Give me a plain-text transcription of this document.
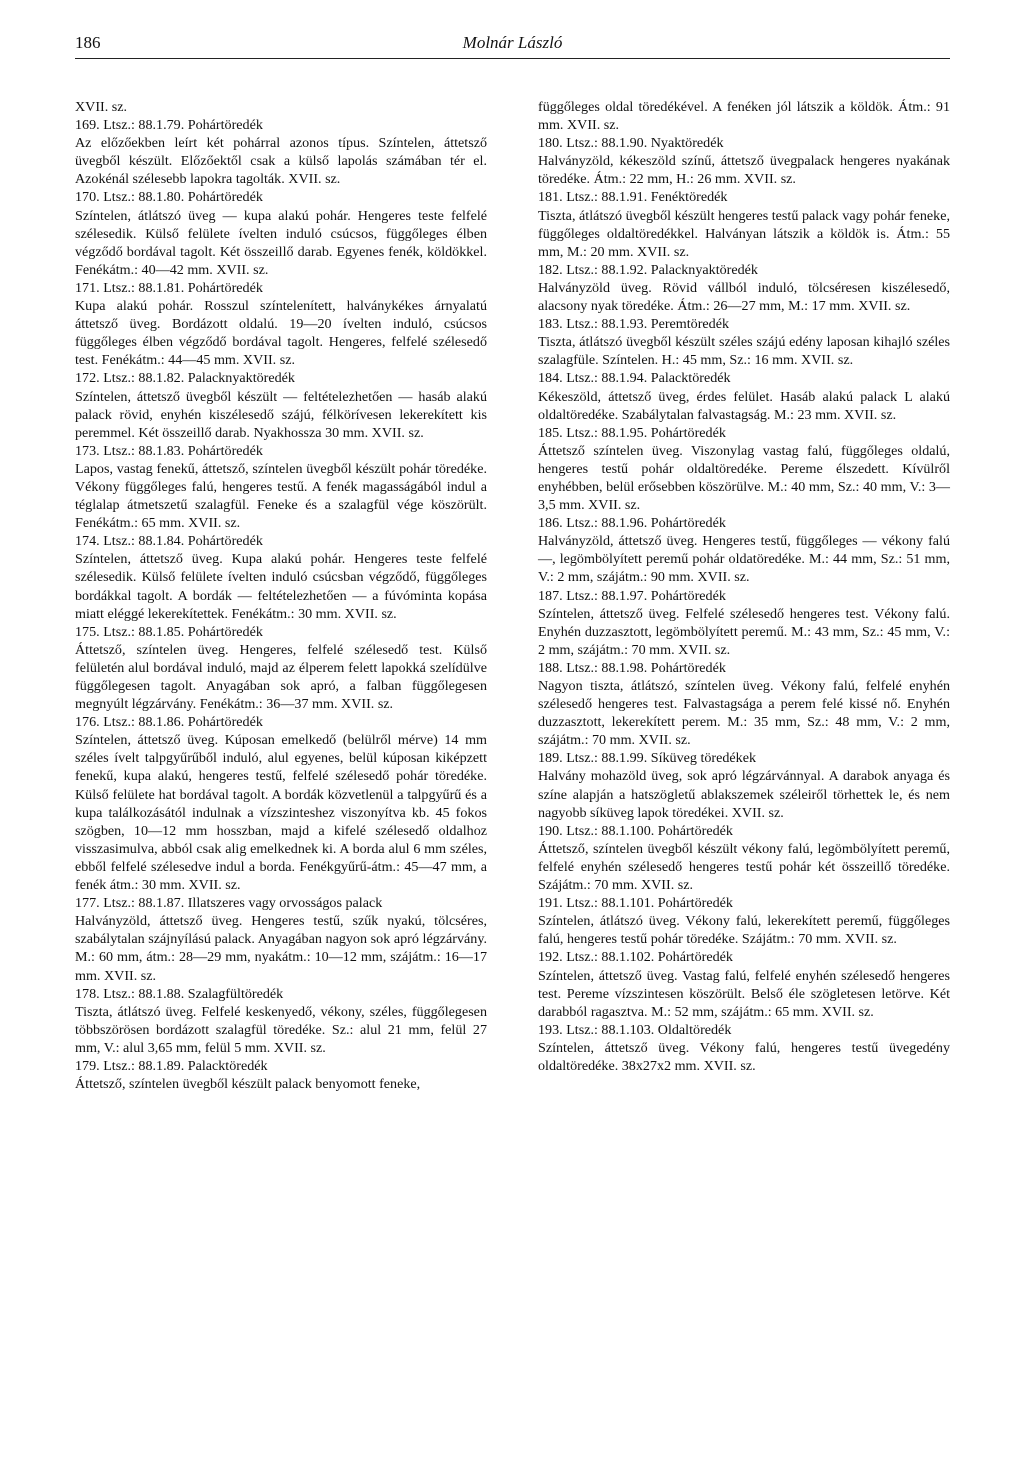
186	Molnár László

XVII. sz.

169. Ltsz.: 88.1.79. Pohártöredék

Az előzőekben leírt két pohárral azonos típus. Színtelen, áttetsző üvegből készült. Előzőektől csak a külső lapolás számában tér el. Azokénál szélesebb lapokra tagolták. XVII. sz.

170. Ltsz.: 88.1.80. Pohártöredék

Színtelen, átlátszó üveg — kupa alakú pohár. Hengeres teste felfelé szélesedik. Külső felülete ívelten induló csúcsos, függőleges élben végződő bordával tagolt. Két összeillő darab. Egyenes fenék, köldökkel. Fenékátm.: 40—42 mm. XVII. sz.

171. Ltsz.: 88.1.81. Pohártöredék

Kupa alakú pohár. Rosszul színtelenített, halványkékes árnyalatú áttetsző üveg. Bordázott oldalú. 19—20 ívelten induló, csúcsos függőleges élben végződő bordával tagolt. Hengeres, felfelé szélesedő test. Fenékátm.: 44—45 mm. XVII. sz.

172. Ltsz.: 88.1.82. Palacknyaktöredék

Színtelen, áttetsző üvegből készült — feltételezhetően — hasáb alakú palack rövid, enyhén kiszélesedő szájú, félkörívesen lekerekített kis peremmel. Két összeillő darab. Nyakhossza 30 mm. XVII. sz.

173. Ltsz.: 88.1.83. Pohártöredék

Lapos, vastag fenekű, áttetsző, színtelen üvegből készült pohár töredéke. Vékony függőleges falú, hengeres testű. A fenék magasságából indul a téglalap átmetszetű szalagfül. Feneke és a szalagfül vége köszörült. Fenékátm.: 65 mm. XVII. sz.

174. Ltsz.: 88.1.84. Pohártöredék

Színtelen, áttetsző üveg. Kupa alakú pohár. Hengeres teste felfelé szélesedik. Külső felülete ívelten induló csúcsban végződő, függőleges bordákkal tagolt. A bordák — feltételezhetően — a fúvóminta kopása miatt eléggé lekerekítettek. Fenékátm.: 30 mm. XVII. sz.

175. Ltsz.: 88.1.85. Pohártöredék

Áttetsző, színtelen üveg. Hengeres, felfelé szélesedő test. Külső felületén alul bordával induló, majd az élperem felett lapokká szelídülve függőlegesen tagolt. Anyagában sok apró, a falban függőlegesen megnyúlt légzárvány. Fenékátm.: 36—37 mm. XVII. sz.

176. Ltsz.: 88.1.86. Pohártöredék

Színtelen, áttetsző üveg. Kúposan emelkedő (belülről mérve) 14 mm széles ívelt talpgyűrűből induló, alul egyenes, belül kúposan kiképzett fenekű, kupa alakú, hengeres testű, felfelé szélesedő pohár töredéke. Külső felülete hat bordával tagolt. A bordák közvetlenül a talpgyűrű és a kupa találkozásától indulnak a vízszinteshez viszonyítva kb. 45 fokos szögben, 10—12 mm hosszban, majd a kifelé szélesedő oldalhoz visszasimulva, abból csak alig emelkednek ki. A borda alul 6 mm széles, ebből felfelé szélesedve indul a borda. Fenékgyűrű-átm.: 45—47 mm, a fenék átm.: 30 mm. XVII. sz.

177. Ltsz.: 88.1.87. Illatszeres vagy orvosságos palack

Halványzöld, áttetsző üveg. Hengeres testű, szűk nyakú, tölcséres, szabálytalan szájnyílású palack. Anyagában nagyon sok apró légzárvány. M.: 60 mm, átm.: 28—29 mm, nyakátm.: 10—12 mm, szájátm.: 16—17 mm. XVII. sz.

178. Ltsz.: 88.1.88. Szalagfültöredék

Tiszta, átlátszó üveg. Felfelé keskenyedő, vékony, széles, függőlegesen többszörösen bordázott szalagfül töredéke. Sz.: alul 21 mm, felül 27 mm, V.: alul 3,65 mm, felül 5 mm. XVII. sz.

179. Ltsz.: 88.1.89. Palacktöredék

Áttetsző, színtelen üvegből készült palack benyomott feneke,

függőleges oldal töredékével. A fenéken jól látszik a köldök. Átm.: 91 mm. XVII. sz.

180. Ltsz.: 88.1.90. Nyaktöredék

Halványzöld, kékeszöld színű, áttetsző üvegpalack hengeres nyakának töredéke. Átm.: 22 mm, H.: 26 mm. XVII. sz.

181. Ltsz.: 88.1.91. Fenéktöredék

Tiszta, átlátszó üvegből készült hengeres testű palack vagy pohár feneke, függőleges oldaltöredékkel. Halványan látszik a köldök is. Átm.: 55 mm, M.: 20 mm. XVII. sz.

182. Ltsz.: 88.1.92. Palacknyaktöredék

Halványzöld üveg. Rövid vállból induló, tölcséresen kiszélesedő, alacsony nyak töredéke. Átm.: 26—27 mm, M.: 17 mm. XVII. sz.

183. Ltsz.: 88.1.93. Peremtöredék

Tiszta, átlátszó üvegből készült széles szájú edény laposan kihajló széles szalagfüle. Színtelen. H.: 45 mm, Sz.: 16 mm. XVII. sz.

184. Ltsz.: 88.1.94. Palacktöredék

Kékeszöld, áttetsző üveg, érdes felület. Hasáb alakú palack L alakú oldaltöredéke. Szabálytalan falvastagság. M.: 23 mm. XVII. sz.

185. Ltsz.: 88.1.95. Pohártöredék

Áttetsző színtelen üveg. Viszonylag vastag falú, függőleges oldalú, hengeres testű pohár oldaltöredéke. Pereme élszedett. Kívülről enyhébben, belül erősebben köszörülve. M.: 40 mm, Sz.: 40 mm, V.: 3—3,5 mm. XVII. sz.

186. Ltsz.: 88.1.96. Pohártöredék

Halványzöld, áttetsző üveg. Hengeres testű, függőleges — vékony falú —, legömbölyített peremű pohár oldatöredéke. M.: 44 mm, Sz.: 51 mm, V.: 2 mm, szájátm.: 90 mm. XVII. sz.

187. Ltsz.: 88.1.97. Pohártöredék

Színtelen, áttetsző üveg. Felfelé szélesedő hengeres test. Vékony falú. Enyhén duzzasztott, legömbölyített peremű. M.: 43 mm, Sz.: 45 mm, V.: 2 mm, szájátm.: 70 mm. XVII. sz.

188. Ltsz.: 88.1.98. Pohártöredék

Nagyon tiszta, átlátszó, színtelen üveg. Vékony falú, felfelé enyhén szélesedő hengeres test. Falvastagsága a perem felé kissé nő. Enyhén duzzasztott, lekerekített perem. M.: 35 mm, Sz.: 48 mm, V.: 2 mm, szájátm.: 70 mm. XVII. sz.

189. Ltsz.: 88.1.99. Síküveg töredékek

Halvány mohazöld üveg, sok apró légzárvánnyal. A darabok anyaga és színe alapján a hatszögletű ablakszemek széleiről törhettek le, és nem nagyobb síküveg lapok töredékei. XVII. sz.

190. Ltsz.: 88.1.100. Pohártöredék

Áttetsző, színtelen üvegből készült vékony falú, legömbölyített peremű, felfelé enyhén szélesedő hengeres testű pohár két összeillő töredéke. Szájátm.: 70 mm. XVII. sz.

191. Ltsz.: 88.1.101. Pohártöredék

Színtelen, átlátszó üveg. Vékony falú, lekerekített peremű, függőleges falú, hengeres testű pohár töredéke. Szájátm.: 70 mm. XVII. sz.

192. Ltsz.: 88.1.102. Pohártöredék

Színtelen, áttetsző üveg. Vastag falú, felfelé enyhén szélesedő hengeres test. Pereme vízszintesen köszörült. Belső éle szögletesen letörve. Két darabból ragasztva. M.: 52 mm, szájátm.: 65 mm. XVII. sz.

193. Ltsz.: 88.1.103. Oldaltöredék

Színtelen, áttetsző üveg. Vékony falú, hengeres testű üvegedény oldaltöredéke. 38x27x2 mm. XVII. sz.
